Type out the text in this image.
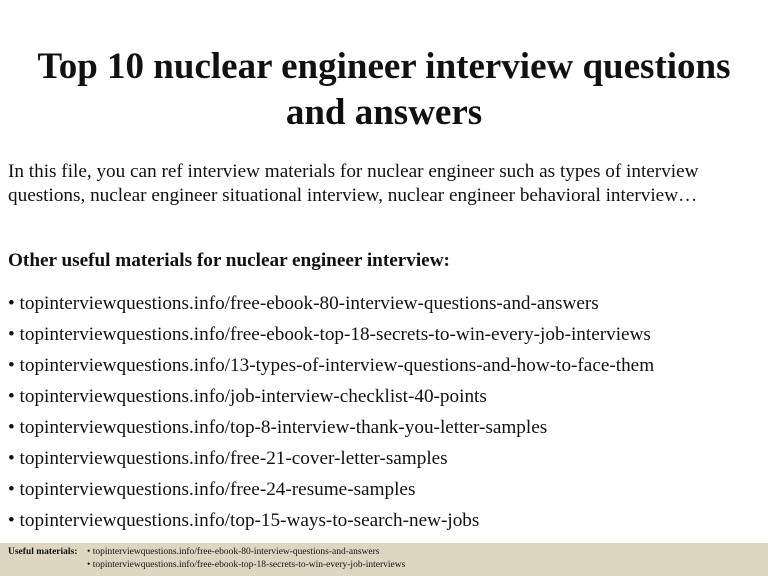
Top 10 nuclear engineer interview questions
and answers

In this file, you can ref interview materials for nuclear engineer such as types of interview questions, nuclear engineer situational interview, nuclear engineer behavioral interview…

Other useful materials for nuclear engineer interview:

• topinterviewquestions.info/free-ebook-80-interview-questions-and-answers
• topinterviewquestions.info/free-ebook-top-18-secrets-to-win-every-job-interviews
• topinterviewquestions.info/13-types-of-interview-questions-and-how-to-face-them
• topinterviewquestions.info/job-interview-checklist-40-points
• topinterviewquestions.info/top-8-interview-thank-you-letter-samples
• topinterviewquestions.info/free-21-cover-letter-samples
• topinterviewquestions.info/free-24-resume-samples
• topinterviewquestions.info/top-15-ways-to-search-new-jobs
Useful materials: • topinterviewquestions.info/free-ebook-80-interview-questions-and-answers
• topinterviewquestions.info/free-ebook-top-18-secrets-to-win-every-job-interviews
